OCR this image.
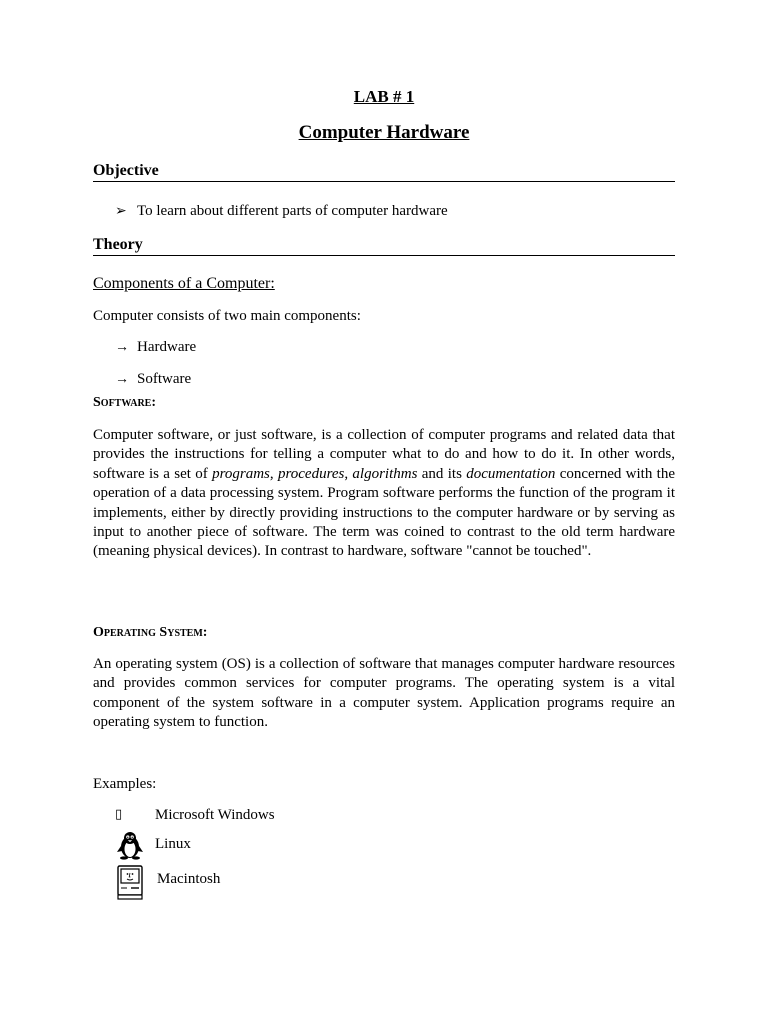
LAB # 1
Computer Hardware
Objective
➢ To learn about different parts of computer hardware
Theory
Components of a Computer:
Computer consists of two main components:
→ Hardware
→ Software
Software:
Computer software, or just software, is a collection of computer programs and related data that provides the instructions for telling a computer what to do and how to do it. In other words, software is a set of programs, procedures, algorithms and its documentation concerned with the operation of a data processing system. Program software performs the function of the program it implements, either by directly providing instructions to the computer hardware or by serving as input to another piece of software. The term was coined to contrast to the old term hardware (meaning physical devices). In contrast to hardware, software "cannot be touched".
Operating System:
An operating system (OS) is a collection of software that manages computer hardware resources and provides common services for computer programs. The operating system is a vital component of the system software in a computer system. Application programs require an operating system to function.
Examples:
▯ Microsoft Windows
Linux
Macintosh
